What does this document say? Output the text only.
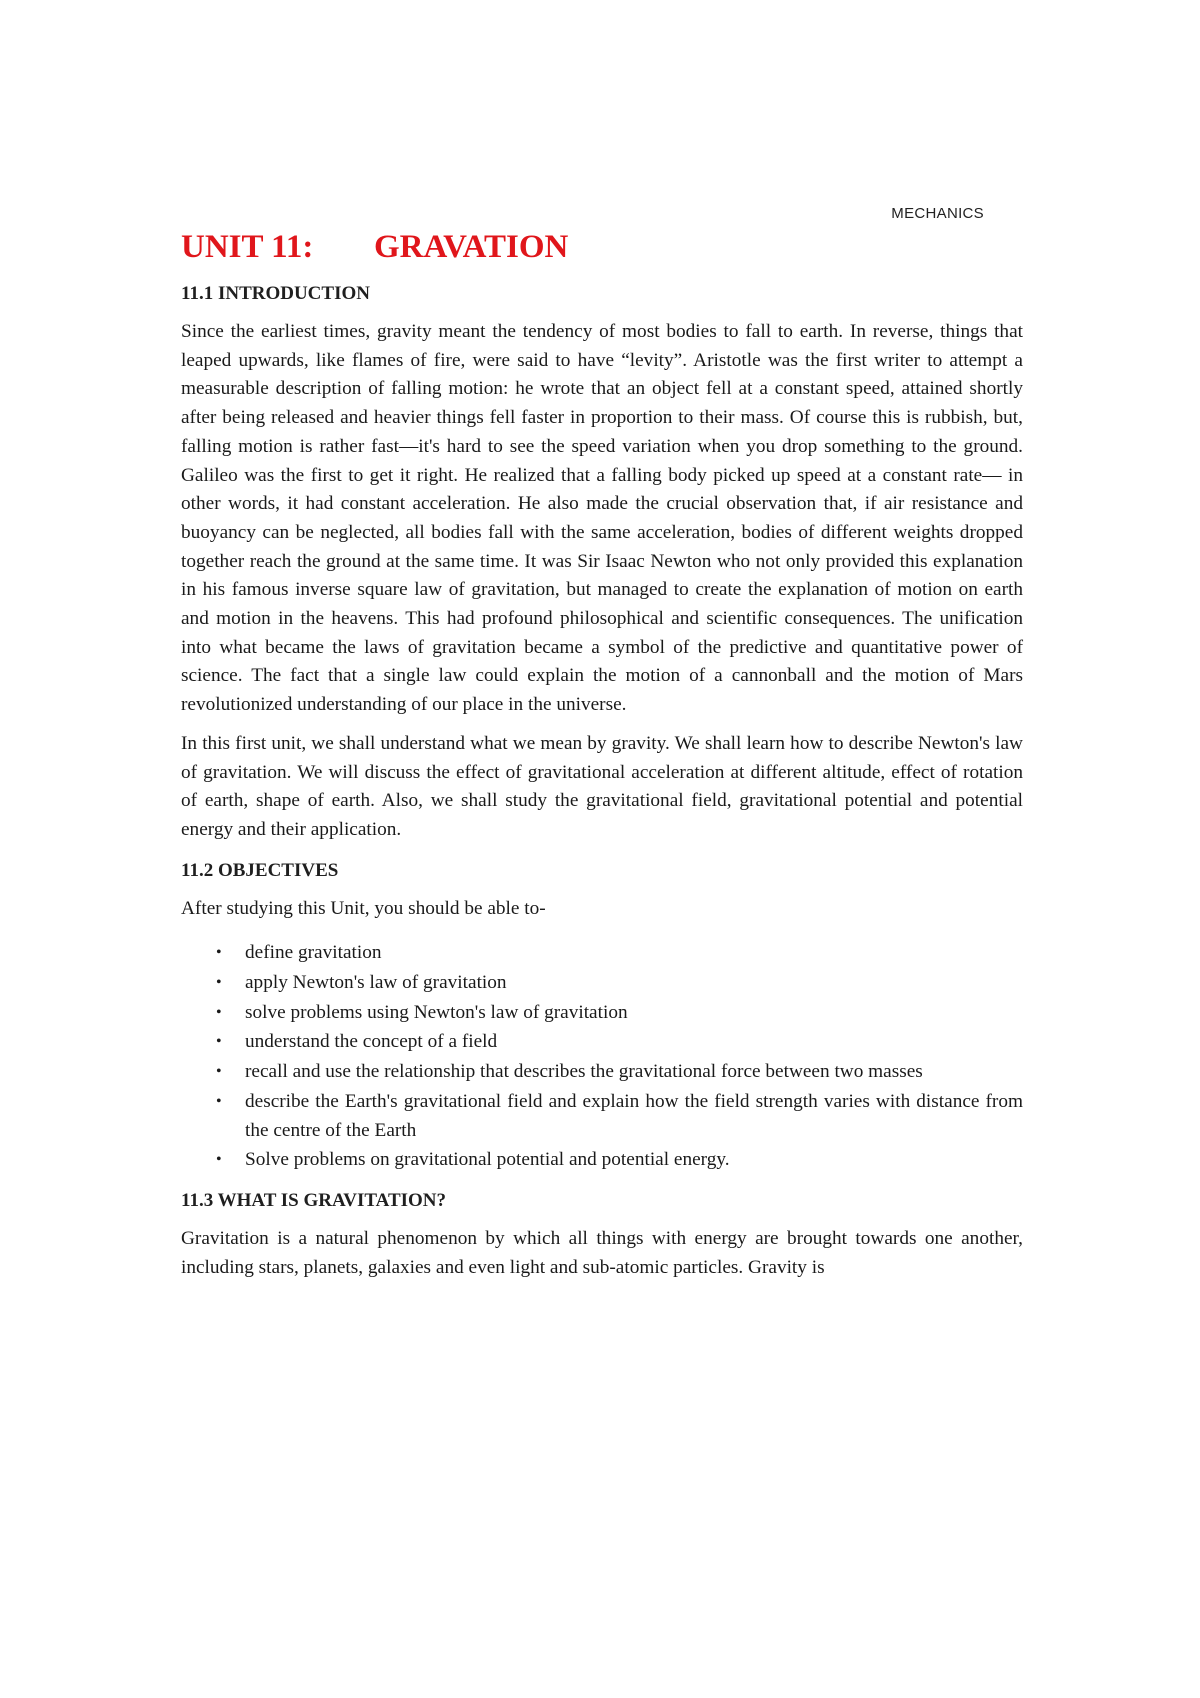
MECHANICS
UNIT 11: GRAVATION
11.1 INTRODUCTION

Since the earliest times, gravity meant the tendency of most bodies to fall to earth. In reverse, things that leaped upwards, like flames of fire, were said to have “levity”. Aristotle was the first writer to attempt a measurable description of falling motion: he wrote that an object fell at a constant speed, attained shortly after being released and heavier things fell faster in proportion to their mass. Of course this is rubbish, but, falling motion is rather fast—it's hard to see the speed variation when you drop something to the ground. Galileo was the first to get it right. He realized that a falling body picked up speed at a constant rate— in other words, it had constant acceleration. He also made the crucial observation that, if air resistance and buoyancy can be neglected, all bodies fall with the same acceleration, bodies of different weights dropped together reach the ground at the same time. It was Sir Isaac Newton who not only provided this explanation in his famous inverse square law of gravitation, but managed to create the explanation of motion on earth and motion in the heavens. This had profound philosophical and scientific consequences. The unification into what became the laws of gravitation became a symbol of the predictive and quantitative power of science. The fact that a single law could explain the motion of a cannonball and the motion of Mars revolutionized understanding of our place in the universe.

In this first unit, we shall understand what we mean by gravity. We shall learn how to describe Newton's law of gravitation. We will discuss the effect of gravitational acceleration at different altitude, effect of rotation of earth, shape of earth. Also, we shall study the gravitational field, gravitational potential and potential energy and their application.

11.2 OBJECTIVES

After studying this Unit, you should be able to-

• define gravitation
• apply Newton's law of gravitation
• solve problems using Newton's law of gravitation
• understand the concept of a field
• recall and use the relationship that describes the gravitational force between two masses
• describe the Earth's gravitational field and explain how the field strength varies with distance from the centre of the Earth
• Solve problems on gravitational potential and potential energy.
11.3 WHAT IS GRAVITATION?

Gravitation is a natural phenomenon by which all things with energy are brought towards one another, including stars, planets, galaxies and even light and sub-atomic particles. Gravity is
